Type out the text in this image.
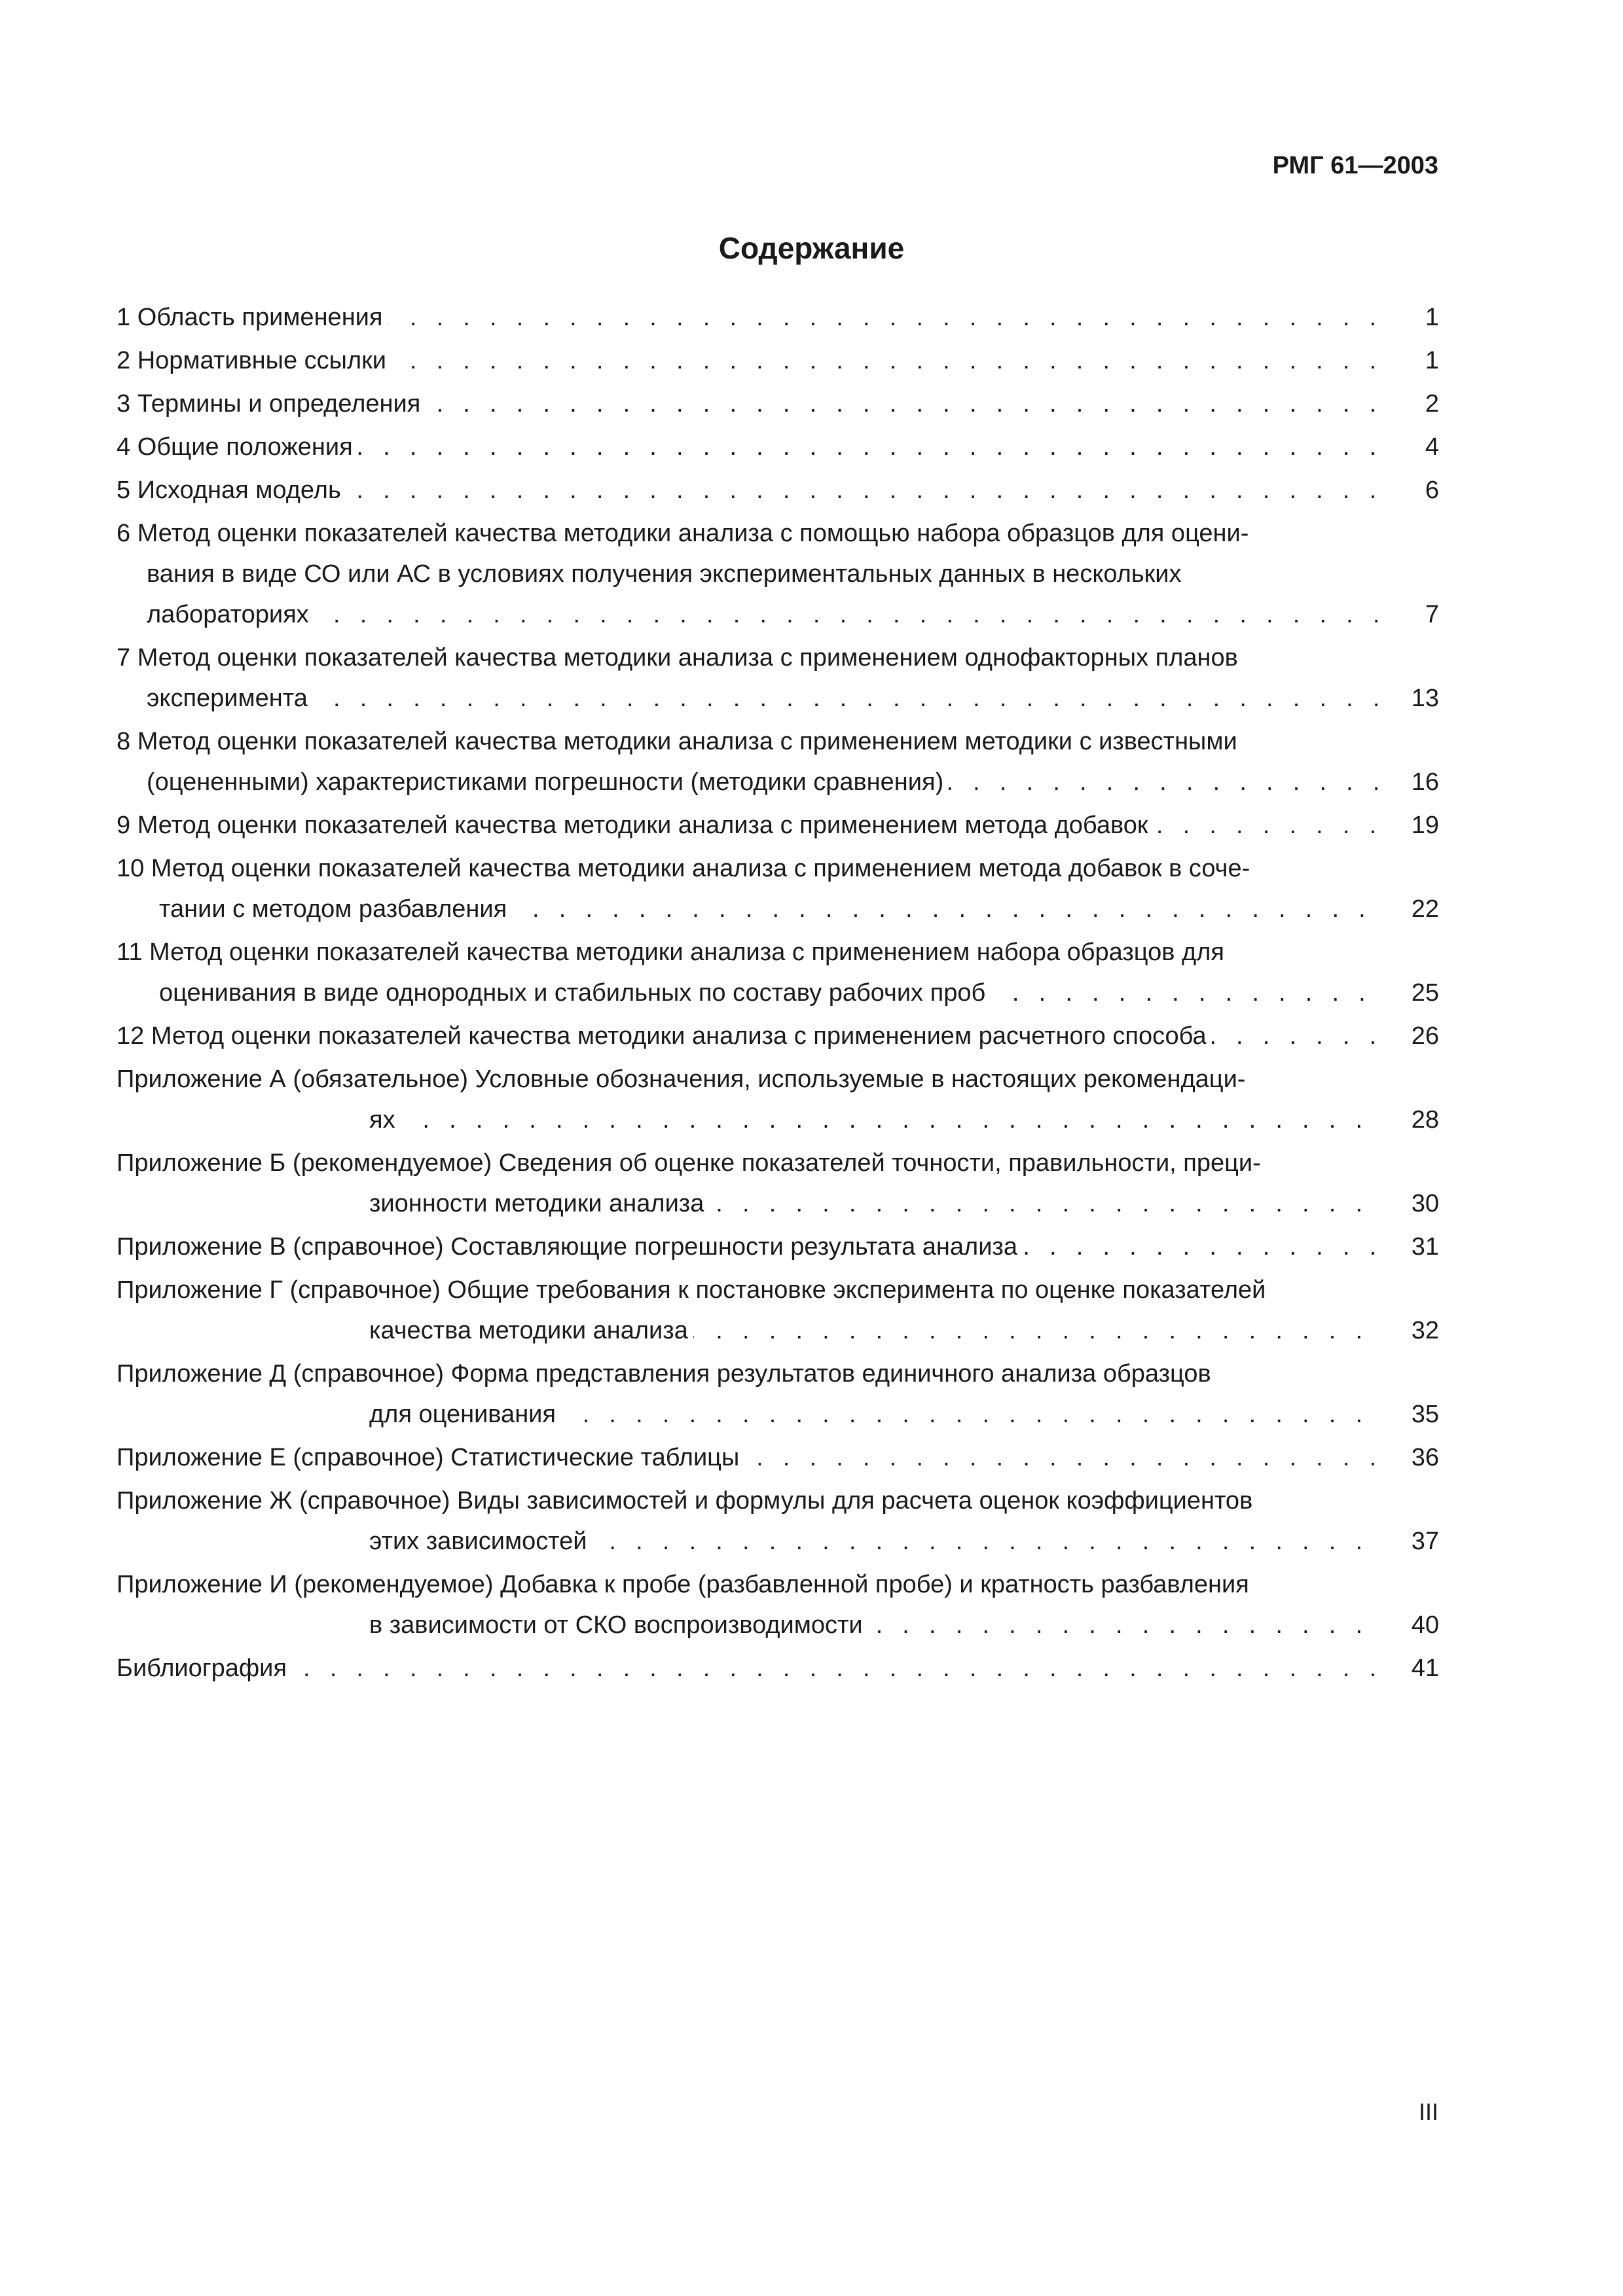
РМГ 61—2003
Содержание
. . .
1 Область применения	1
. . .
2 Нормативные ссылки	1
. . .
3 Термины и определения	2
. . .
4 Общие положения	4
. . .
5 Исходная модель	6
. . .
6 Метод оценки показателей качества методики анализа с помощью набора образцов для оцени-
вания в виде СО или АС в условиях получения экспериментальных данных в нескольких
лабораториях	7
. . .
7 Метод оценки показателей качества методики анализа с применением однофакторных планов
эксперимента	13
. . .
8 Метод оценки показателей качества методики анализа с применением методики с известными
(оцененными) характеристиками погрешности (методики сравнения)	16
. . .
9 Метод оценки показателей качества методики анализа с применением метода добавок	19
. . .
10 Метод оценки показателей качества методики анализа с применением метода добавок в соче-
тании с методом разбавления	22
. . .
11 Метод оценки показателей качества методики анализа с применением набора образцов для
оценивания в виде однородных и стабильных по составу рабочих проб	25
. . .
12 Метод оценки показателей качества методики анализа с применением расчетного способа	26
. . .
Приложение А (обязательное) Условные обозначения, используемые в настоящих рекомендаци-
ях	28
. . .
Приложение Б (рекомендуемое) Сведения об оценке показателей точности, правильности, преци-
зионности методики анализа	30
. . .
Приложение В (справочное) Составляющие погрешности результата анализа	31
. . .
Приложение Г (справочное) Общие требования к постановке эксперимента по оценке показателей
качества методики анализа	32
. . .
Приложение Д (справочное) Форма представления результатов единичного анализа образцов
для оценивания	35
. . .
Приложение Е (справочное) Статистические таблицы	36
. . .
Приложение Ж (справочное) Виды зависимостей и формулы для расчета оценок коэффициентов
этих зависимостей	37
. . .
Приложение И (рекомендуемое) Добавка к пробе (разбавленной пробе) и кратность разбавления
в зависимости от СКО воспроизводимости	40
. . .
Библиография	41
III
